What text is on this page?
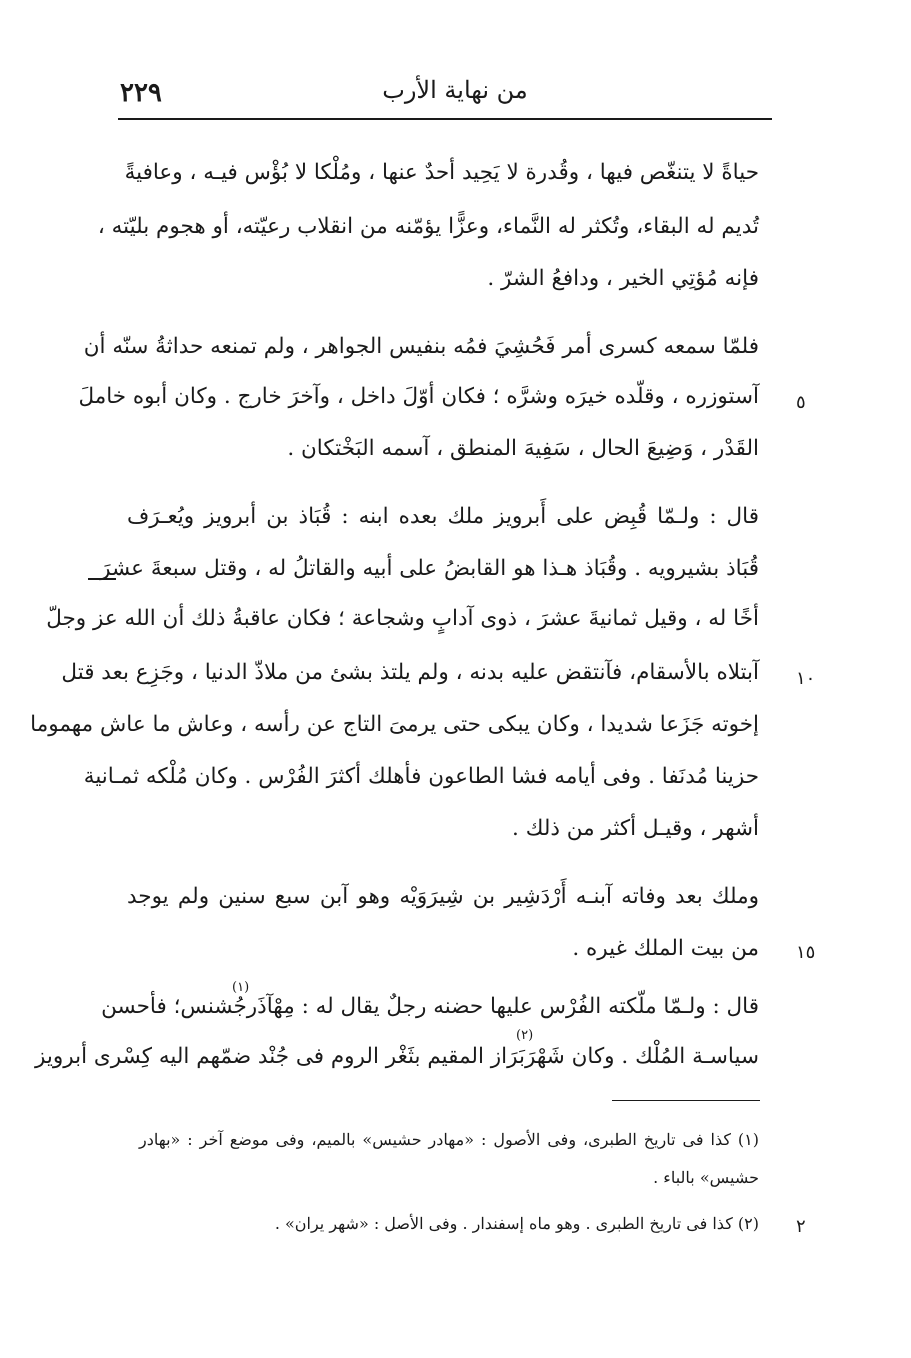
٢٢٩	من نهاية الأرب
حياةً لا يتنغّص فيها ، وقُدرة لا يَحِيد أحدٌ عنها ، ومُلْكا لا بُؤْس فيـه ، وعافيةً
تُديم له البقاء، وتُكثر له النَّماء، وعزًّا يؤمّنه من انقلاب رعيّته، أو هجوم بليّته ،
فإنه مُؤتِي الخير ، ودافعُ الشرّ .
فلمّا سمعه كسرى أمر فَحُشِيَ فمُه بنفيس الجواهر ، ولم تمنعه حداثةُ سنّه أن
آستوزره ، وقلّده خيرَه وشرَّه ؛ فكان أوّلَ داخل ، وآخرَ خارج . وكان أبوه خاملَ
القَدْر ، وَضِيعَ الحال ، سَفِيهَ المنطق ، آسمه البَخْتكان .
قال : ولـمّا قُبِض على أَبرويز ملك بعده ابنه : قُبَاذ بن أبرويز ويُعـرَف
قُبَاذ بشيرويه . وقُبَاذ هـذا هو القابضُ على أبيه والقاتلُ له ، وقتل سبعةَ عشرَ
أخًا له ، وقيل ثمانيةَ عشرَ ، ذوى آدابٍ وشجاعة ؛ فكان عاقبةُ ذلك أن الله عز وجلّ
آبتلاه بالأسقام، فآنتقض عليه بدنه ، ولم يلتذ بشئ من ملاذّ الدنيا ، وجَزِع بعد قتل
إخوته جَزَعا شديدا ، وكان يبكى حتى يرمىَ التاج عن رأسه ، وعاش ما عاش مهموما
حزينا مُدنَفا . وفى أيامه فشا الطاعون فأهلك أكثرَ الفُرْس . وكان مُلْكه ثمـانية
أشهر ، وقيـل أكثر من ذلك .
وملك بعد وفاته آبنـه أَرْدَشِير بن شِيرَوَيْه وهو آبن سبع سنين ولم يوجد
من بيت الملك غيره .
(١)
قال : ولـمّا ملّكته الفُرْس عليها حضنه رجلٌ يقال له : مِهْآذَرجُشنس؛ فأحسن
(٢)
سياسـة المُلْك . وكان شَهْرَبَرَاز المقيم بثَغْر الروم فى جُنْد ضمّهم اليه كِسْرى أبرويز
٥
١٠
١٥
٢
(١) كذا فى تاريخ الطبرى، وفى الأصول : «مهادر حشيس» بالميم، وفى موضع آخر : «بهادر
حشيس» بالباء .
(٢) كذا فى تاريخ الطبرى . وهو ماه إسفندار . وفى الأصل : «شهر يران» .
